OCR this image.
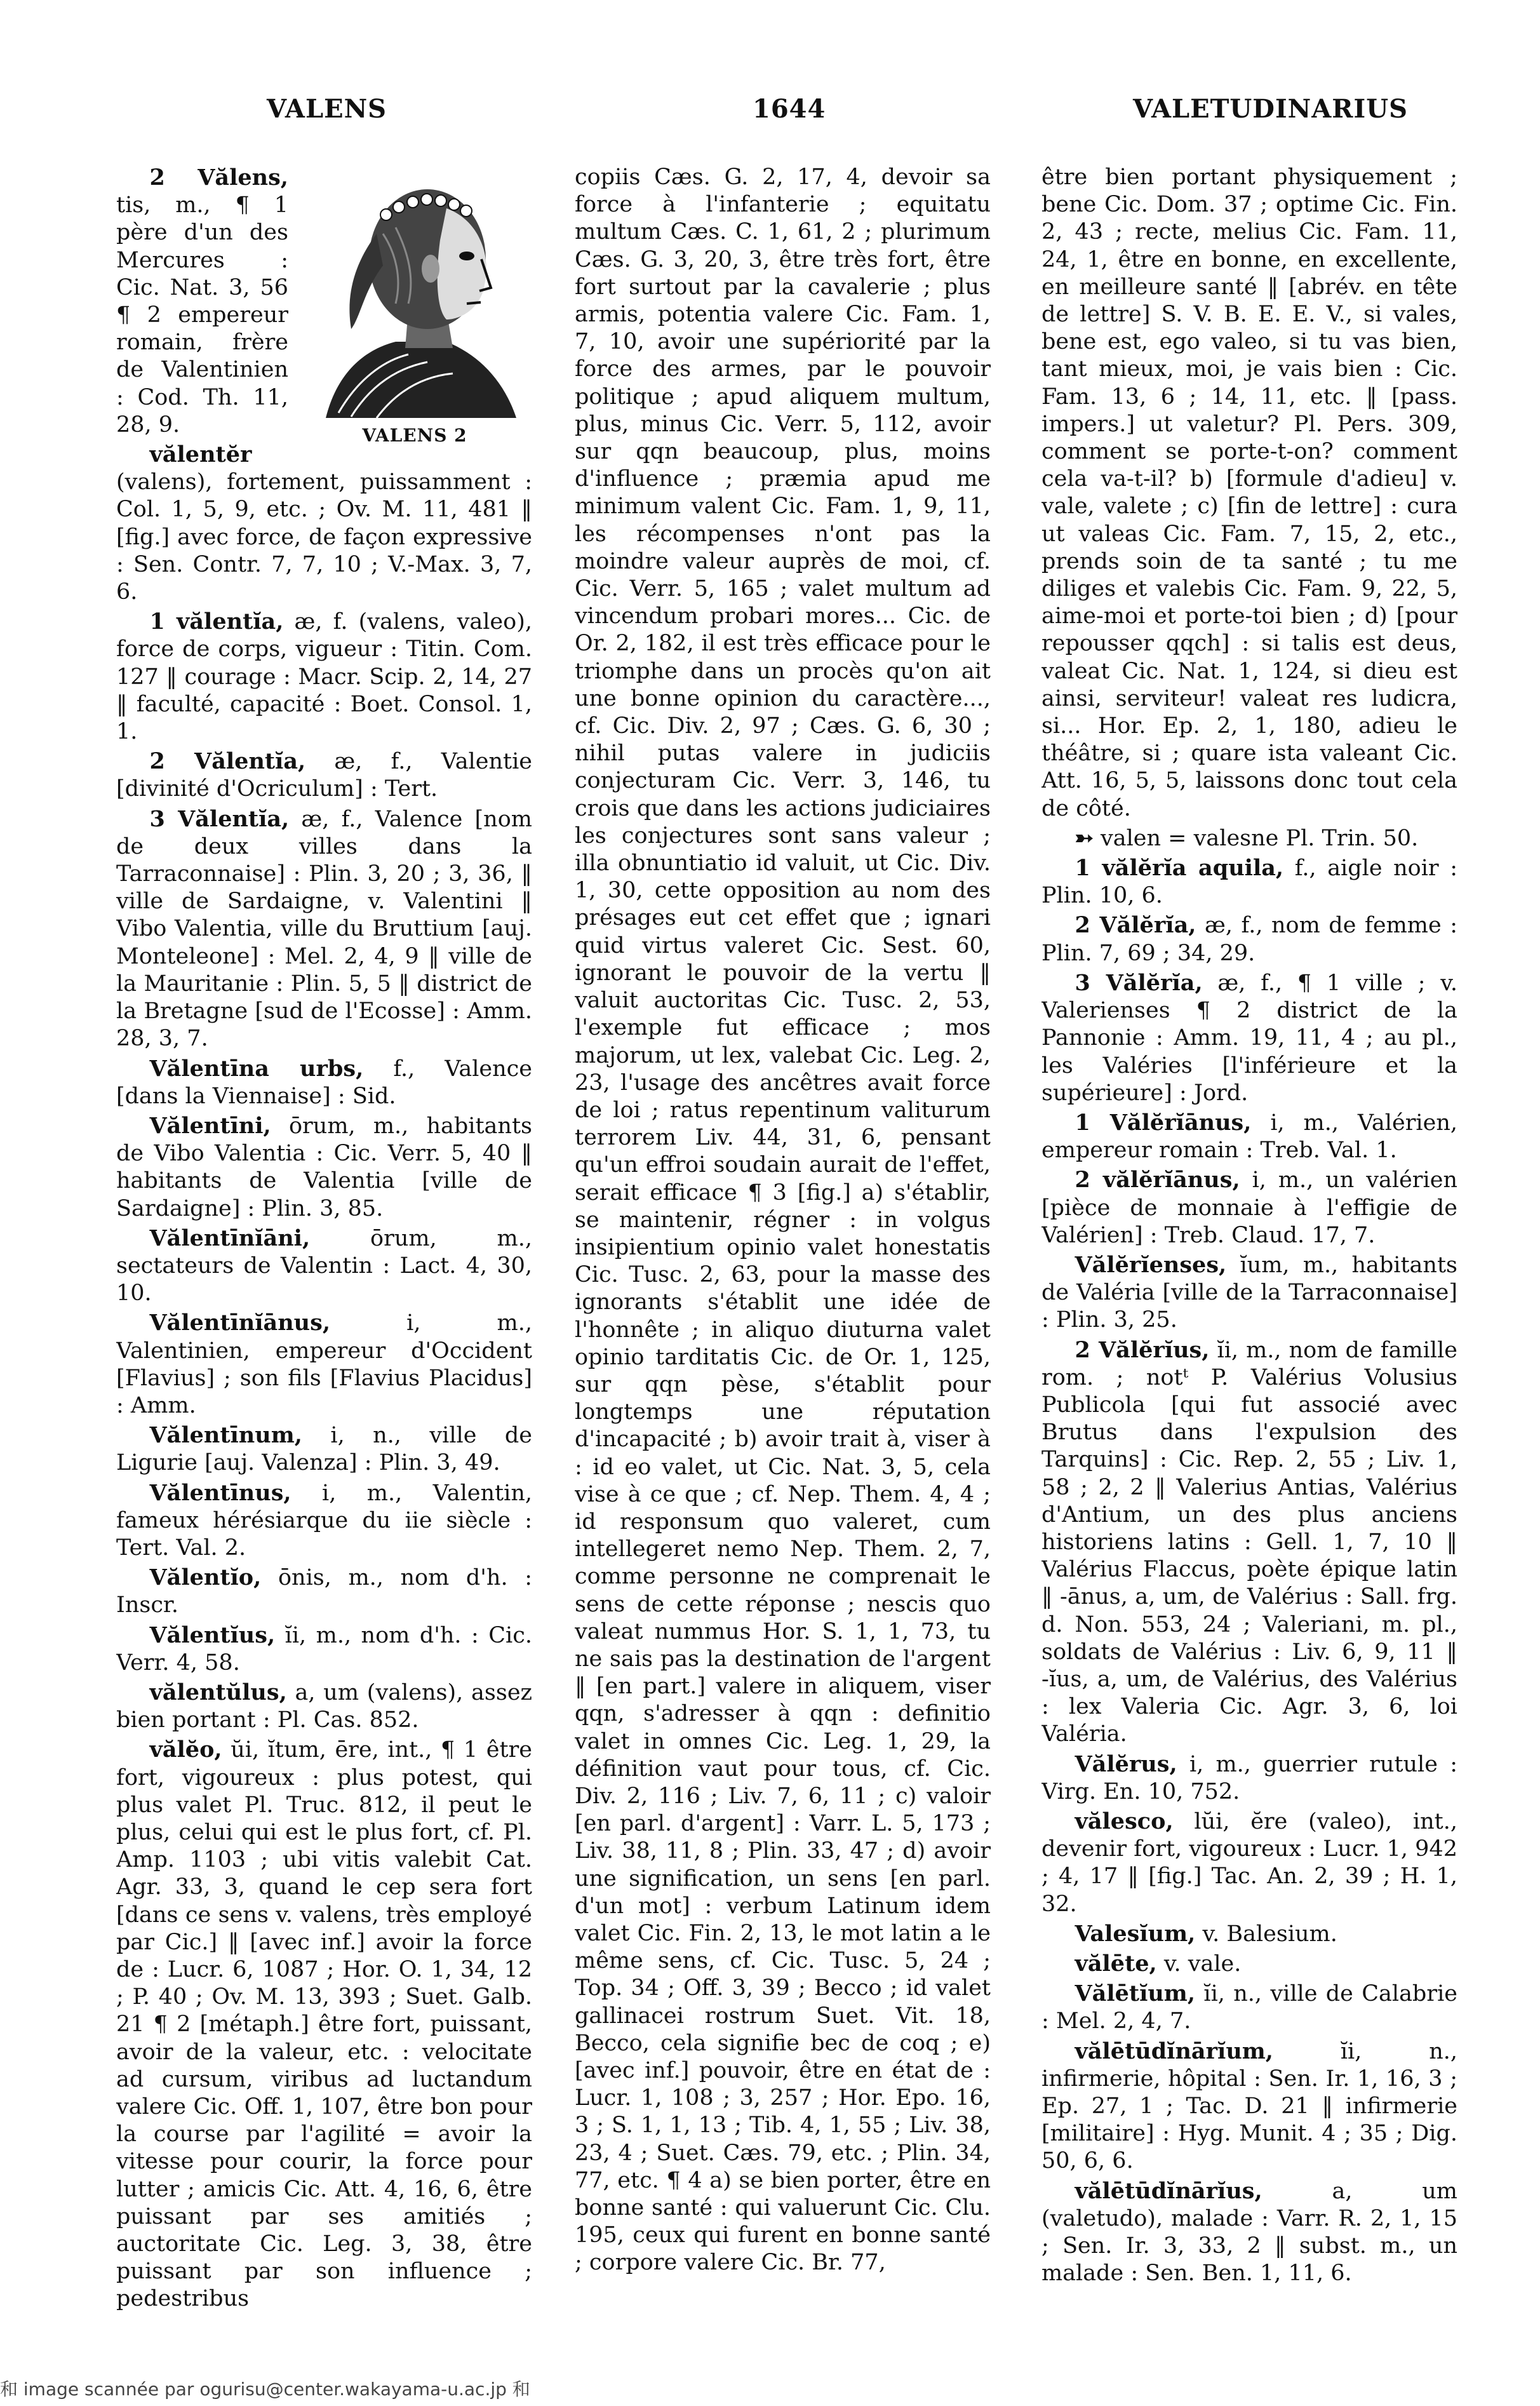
VALENS	1644	VALETUDINARIUS
VALENS 2

2 Vălens, tis, m., ¶ 1 père d'un des Mercures : Cic. Nat. 3, 56 ¶ 2 empereur romain, frère de Valentinien : Cod. Th. 11, 28, 9.

vălentĕr (valens), fortement, puissamment : Col. 1, 5, 9, etc. ; Ov. M. 11, 481 ‖ [fig.] avec force, de façon expressive : Sen. Contr. 7, 7, 10 ; V.-Max. 3, 7, 6.

1 vălentĭa, æ, f. (valens, valeo), force de corps, vigueur : Titin. Com. 127 ‖ courage : Macr. Scip. 2, 14, 27 ‖ faculté, capacité : Boet. Consol. 1, 1.

2 Vălentĭa, æ, f., Valentie [divinité d'Ocriculum] : Tert.

3 Vălentĭa, æ, f., Valence [nom de deux villes dans la Tarraconnaise] : Plin. 3, 20 ; 3, 36, ‖ ville de Sardaigne, v. Valentini ‖ Vibo Valentia, ville du Bruttium [auj. Monteleone] : Mel. 2, 4, 9 ‖ ville de la Mauritanie : Plin. 5, 5 ‖ district de la Bretagne [sud de l'Ecosse] : Amm. 28, 3, 7.

Vălentīna urbs, f., Valence [dans la Viennaise] : Sid.

Vălentīni, ōrum, m., habitants de Vibo Valentia : Cic. Verr. 5, 40 ‖ habitants de Valentia [ville de Sardaigne] : Plin. 3, 85.

Vălentīnĭāni,	ōrum, m., sectateurs de Valentin : Lact. 4, 30, 10.

Vălentīnĭānus,	i, m., Valentinien, empereur d'Occident [Flavius] ; son fils [Flavius Placidus] : Amm.

Vălentīnum, i, n., ville de Ligurie [auj. Valenza] : Plin. 3, 49.

Vălentīnus, i, m., Valentin, fameux hérésiarque du iie siècle : Tert. Val. 2.

Vălentĭo, ōnis, m., nom d'h. : Inscr.

Vălentĭus, ĭi, m., nom d'h. : Cic. Verr. 4, 58.

vălentŭlus, a, um (valens), assez bien portant : Pl. Cas. 852.

vălĕo, ŭi, ĭtum, ēre, int., ¶ 1 être fort, vigoureux : plus potest, qui plus valet Pl. Truc. 812, il peut le plus, celui qui est le plus fort, cf. Pl. Amp. 1103 ; ubi vitis valebit Cat. Agr. 33, 3, quand le cep sera fort [dans ce sens v. valens, très employé par Cic.] ‖ [avec inf.] avoir la force de : Lucr. 6, 1087 ; Hor. O. 1, 34, 12 ; P. 40 ; Ov. M. 13, 393 ; Suet. Galb. 21 ¶ 2 [métaph.] être fort, puissant, avoir de la valeur, etc. : velocitate ad cursum, viribus ad luctandum valere Cic. Off. 1, 107, être bon pour la course par l'agilité = avoir la vitesse pour courir, la force pour lutter ; amicis Cic. Att. 4, 16, 6, être puissant par ses amitiés ; auctoritate Cic. Leg. 3, 38, être puissant par son influence ; pedestribus

copiis Cæs. G. 2, 17, 4, devoir sa force à l'infanterie ; equitatu multum Cæs. C. 1, 61, 2 ; plurimum Cæs. G. 3, 20, 3, être très fort, être fort surtout par la cavalerie ; plus armis, potentia valere Cic. Fam. 1, 7, 10, avoir une supériorité par la force des armes, par le pouvoir politique ; apud aliquem multum, plus, minus Cic. Verr. 5, 112, avoir sur qqn beaucoup, plus, moins d'influence ; præmia apud me minimum valent Cic. Fam. 1, 9, 11, les récompenses n'ont pas la moindre valeur auprès de moi, cf. Cic. Verr. 5, 165 ; valet multum ad vincendum probari mores... Cic. de Or. 2, 182, il est très efficace pour le triomphe dans un procès qu'on ait une bonne opinion du caractère..., cf. Cic. Div. 2, 97 ; Cæs. G. 6, 30 ; nihil putas valere in judiciis conjecturam Cic. Verr. 3, 146, tu crois que dans les actions judiciaires les conjectures sont sans valeur ; illa obnuntiatio id valuit, ut Cic. Div. 1, 30, cette opposition au nom des présages eut cet effet que ; ignari quid virtus valeret Cic. Sest. 60, ignorant le pouvoir de la vertu ‖ valuit auctoritas Cic. Tusc. 2, 53, l'exemple fut efficace ; mos majorum, ut lex, valebat Cic. Leg. 2, 23, l'usage des ancêtres avait force de loi ; ratus repentinum valiturum terrorem Liv. 44, 31, 6, pensant qu'un effroi soudain aurait de l'effet, serait efficace ¶ 3 [fig.] a) s'établir, se maintenir, régner : in volgus insipientium opinio valet honestatis Cic. Tusc. 2, 63, pour la masse des ignorants s'établit une idée de l'honnête ; in aliquo diuturna valet opinio tarditatis Cic. de Or. 1, 125, sur qqn pèse, s'établit pour longtemps une réputation d'incapacité ; b) avoir trait à, viser à : id eo valet, ut Cic. Nat. 3, 5, cela vise à ce que ; cf. Nep. Them. 4, 4 ; id responsum quo valeret, cum intellegeret nemo Nep. Them. 2, 7, comme personne ne comprenait le sens de cette réponse ; nescis quo valeat nummus Hor. S. 1, 1, 73, tu ne sais pas la destination de l'argent ‖ [en part.] valere in aliquem, viser qqn, s'adresser à qqn : definitio valet in omnes Cic. Leg. 1, 29, la définition vaut pour tous, cf. Cic. Div. 2, 116 ; Liv. 7, 6, 11 ; c) valoir [en parl. d'argent] : Varr. L. 5, 173 ; Liv. 38, 11, 8 ; Plin. 33, 47 ; d) avoir une signification, un sens [en parl. d'un mot] : verbum Latinum idem valet Cic. Fin. 2, 13, le mot latin a le même sens, cf. Cic. Tusc. 5, 24 ; Top. 34 ; Off. 3, 39 ; Becco ; id valet gallinacei rostrum Suet. Vit. 18, Becco, cela signifie bec de coq ; e) [avec inf.] pouvoir, être en état de : Lucr. 1, 108 ; 3, 257 ; Hor. Epo. 16, 3 ; S. 1, 1, 13 ; Tib. 4, 1, 55 ; Liv. 38, 23, 4 ; Suet. Cæs. 79, etc. ; Plin. 34, 77, etc. ¶ 4 a) se bien porter, être en bonne santé : qui valuerunt Cic. Clu. 195, ceux qui furent en bonne santé ; corpore valere Cic. Br. 77,

être bien portant physiquement ; bene Cic. Dom. 37 ; optime Cic. Fin. 2, 43 ; recte, melius Cic. Fam. 11, 24, 1, être en bonne, en excellente, en meilleure santé ‖ [abrév. en tête de lettre] S. V. B. E. E. V., si vales, bene est, ego valeo, si tu vas bien, tant mieux, moi, je vais bien : Cic. Fam. 13, 6 ; 14, 11, etc. ‖ [pass. impers.] ut valetur? Pl. Pers. 309, comment se porte-t-on? comment cela va-t-il? b) [formule d'adieu] v. vale, valete ; c) [fin de lettre] : cura ut valeas Cic. Fam. 7, 15, 2, etc., prends soin de ta santé ; tu me diliges et valebis Cic. Fam. 9, 22, 5, aime-moi et porte-toi bien ; d) [pour repousser qqch] : si talis est deus, valeat Cic. Nat. 1, 124, si dieu est ainsi, serviteur! valeat res ludicra, si... Hor. Ep. 2, 1, 180, adieu le théâtre, si ; quare ista valeant Cic. Att. 16, 5, 5, laissons donc tout cela de côté.

➳ valen = valesne Pl. Trin. 50.

1 vălĕrĭa aquila, f., aigle noir : Plin. 10, 6.

2 Vălĕrĭa, æ, f., nom de femme : Plin. 7, 69 ; 34, 29.

3 Vălĕrĭa, æ, f., ¶ 1 ville ; v. Valerienses ¶ 2 district de la Pannonie : Amm. 19, 11, 4 ; au pl., les Valéries [l'inférieure et la supérieure] : Jord.

1 Vălĕrĭānus, i, m., Valérien, empereur romain : Treb. Val. 1.

2 vălĕrĭānus, i, m., un valérien [pièce de monnaie à l'effigie de Valérien] : Treb. Claud. 17, 7.

Vălĕrĭenses, ĭum, m., habitants de Valéria [ville de la Tarraconnaise] : Plin. 3, 25.

2 Vălĕrĭus, ĭi, m., nom de famille rom. ; notᵗ P. Valérius Volusius Publicola [qui fut associé avec Brutus dans l'expulsion des Tarquins] : Cic. Rep. 2, 55 ; Liv. 1, 58 ; 2, 2 ‖ Valerius Antias, Valérius d'Antium, un des plus anciens historiens latins : Gell. 1, 7, 10 ‖ Valérius Flaccus, poète épique latin ‖ -ānus, a, um, de Valérius : Sall. frg. d. Non. 553, 24 ; Valeriani, m. pl., soldats de Valérius : Liv. 6, 9, 11 ‖ -ĭus, a, um, de Valérius, des Valérius : lex Valeria Cic. Agr. 3, 6, loi Valéria.

Vălĕrus, i, m., guerrier rutule : Virg. En. 10, 752.

vălesco, lŭi, ĕre (valeo), int., devenir fort, vigoureux : Lucr. 1, 942 ; 4, 17 ‖ [fig.] Tac. An. 2, 39 ; H. 1, 32.

Valesĭum, v. Balesium.

vălēte, v. vale.

Vălētĭum, ĭi, n., ville de Calabrie : Mel. 2, 4, 7.

vălētūdĭnārĭum,	ĭi, n., infirmerie, hôpital : Sen. Ir. 1, 16, 3 ; Ep. 27, 1 ; Tac. D. 21 ‖ infirmerie [militaire] : Hyg. Munit. 4 ; 35 ; Dig. 50, 6, 6.

vălētūdĭnārĭus,	a, um (valetudo), malade : Varr. R. 2, 1, 15 ; Sen. Ir. 3, 33, 2 ‖ subst. m., un malade : Sen. Ben. 1, 11, 6.

和 image scannée par ogurisu@center.wakayama-u.ac.jp 和
